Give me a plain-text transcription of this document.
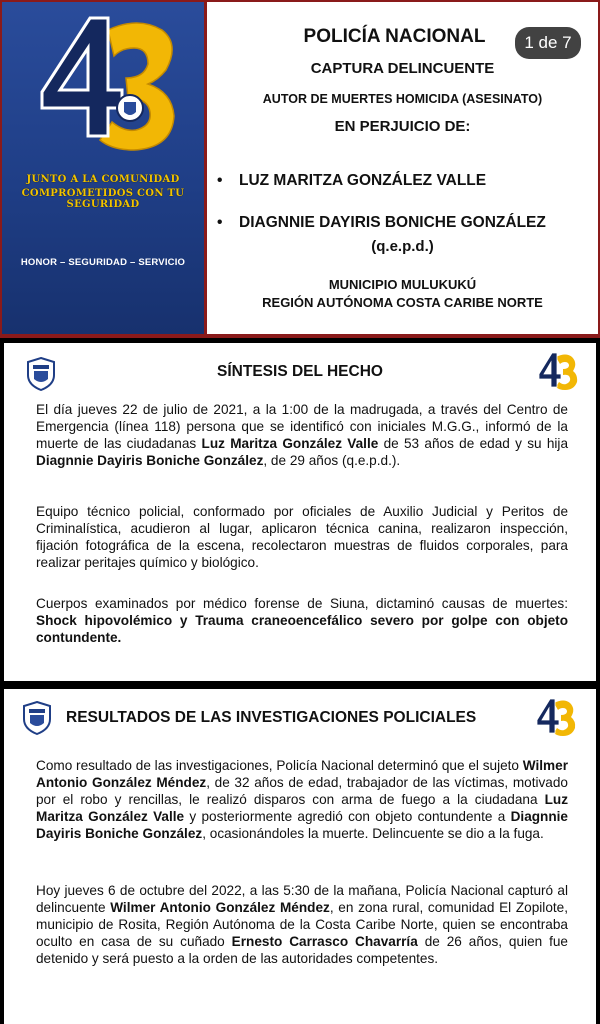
JUNTO A LA COMUNIDAD
COMPROMETIDOS CON TU SEGURIDAD
HONOR – SEGURIDAD – SERVICIO
POLICÍA NACIONAL
CAPTURA DELINCUENTE
AUTOR DE MUERTES HOMICIDA (ASESINATO)
EN PERJUICIO DE:
• LUZ MARITZA GONZÁLEZ VALLE
• DIAGNNIE DAYIRIS BONICHE GONZÁLEZ
(q.e.p.d.)
MUNICIPIO MULUKUKÚ
REGIÓN AUTÓNOMA COSTA CARIBE NORTE
1 de 7
SÍNTESIS DEL HECHO
El día jueves 22 de julio de 2021, a la 1:00 de la madrugada, a través del Centro de Emergencia (línea 118) persona que se identificó con iniciales M.G.G., informó de la muerte de las ciudadanas Luz Maritza González Valle de 53 años de edad y su hija Diagnnie Dayiris Boniche González, de 29 años (q.e.p.d.).
Equipo técnico policial, conformado por oficiales de Auxilio Judicial y Peritos de Criminalística, acudieron al lugar, aplicaron técnica canina, realizaron inspección, fijación fotográfica de la escena, recolectaron muestras de fluidos corporales, para realizar peritajes químico y biológico.
Cuerpos examinados por médico forense de Siuna, dictaminó causas de muertes: Shock hipovolémico y Trauma craneoencefálico severo por golpe con objeto contundente.
RESULTADOS DE LAS INVESTIGACIONES POLICIALES
Como resultado de las investigaciones, Policía Nacional determinó que el sujeto Wilmer Antonio González Méndez, de 32 años de edad, trabajador de las víctimas, motivado por el robo y rencillas, le realizó disparos con arma de fuego a la ciudadana Luz Maritza González Valle y posteriormente agredió con objeto contundente a Diagnnie Dayiris Boniche González, ocasionándoles la muerte. Delincuente se dio a la fuga.
Hoy jueves 6 de octubre del 2022, a las 5:30 de la mañana, Policía Nacional capturó al delincuente Wilmer Antonio González Méndez, en zona rural, comunidad El Zopilote, municipio de Rosita, Región Autónoma de la Costa Caribe Norte, quien se encontraba oculto en casa de su cuñado Ernesto Carrasco Chavarría de 26 años, quien fue detenido y será puesto a la orden de las autoridades competentes.
